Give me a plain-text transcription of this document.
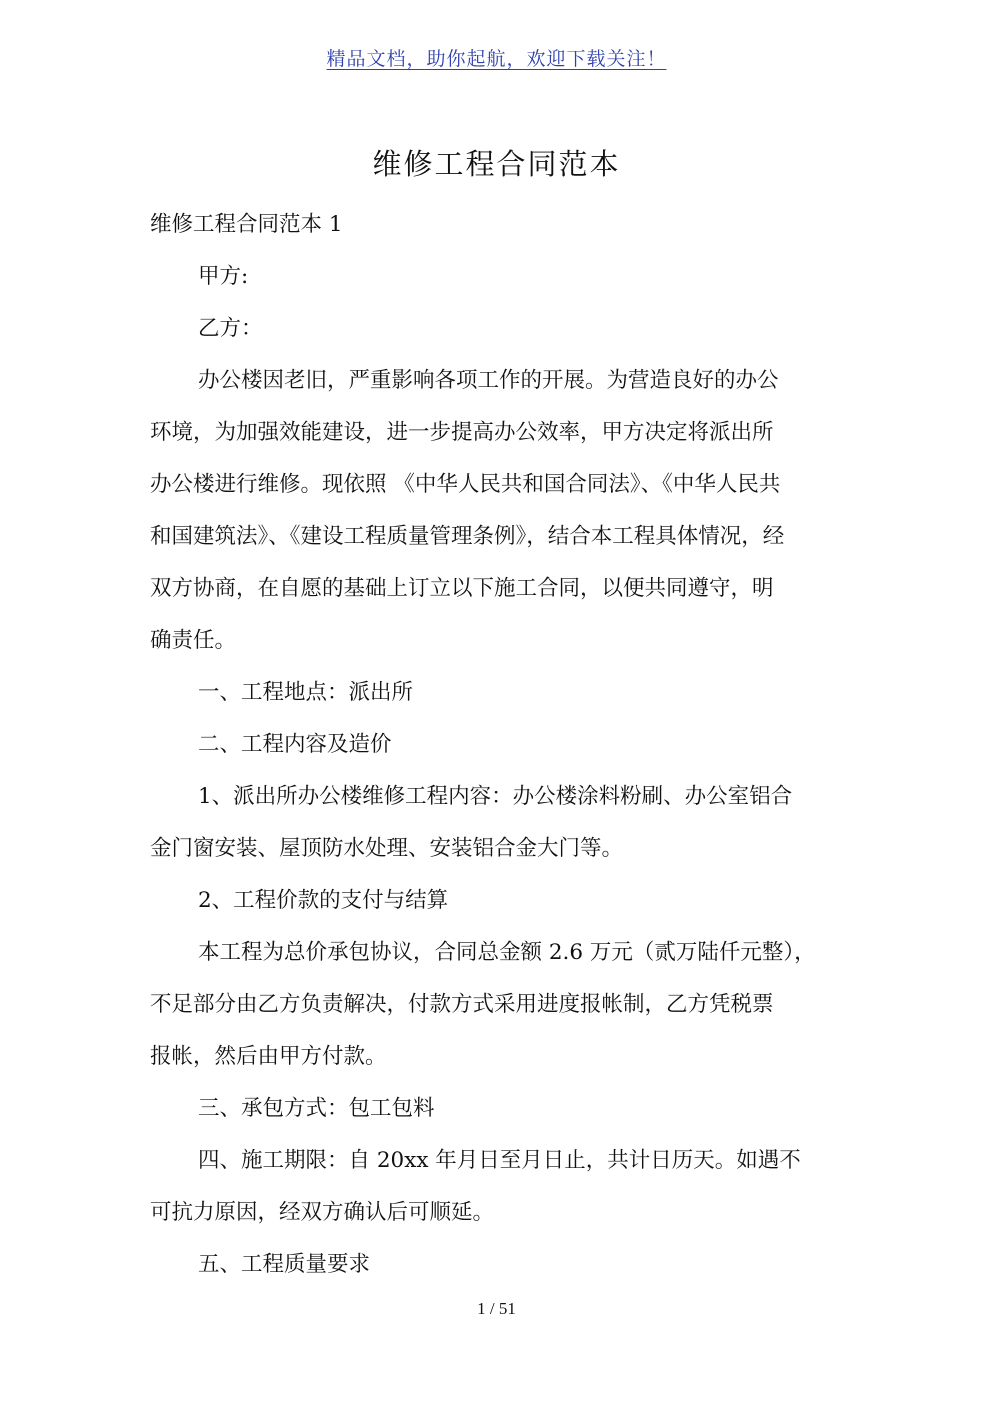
精品文档，助你起航，欢迎下载关注！
维修工程合同范本
维修工程合同范本 1
甲方:
乙方：
办公楼因老旧，严重影响各项工作的开展。为营造良好的办公
环境，为加强效能建设，进一步提高办公效率，甲方决定将派出所
办公楼进行维修。现依照 《中华人民共和国合同法》、《中华人民共
和国建筑法》、《建设工程质量管理条例》，结合本工程具体情况，经
双方协商，在自愿的基础上订立以下施工合同，以便共同遵守，明
确责任。
一、工程地点：派出所
二、工程内容及造价
1、派出所办公楼维修工程内容：办公楼涂料粉刷、办公室铝合
金门窗安装、屋顶防水处理、安装铝合金大门等。
2、工程价款的支付与结算
本工程为总价承包协议，合同总金额 2.6 万元（贰万陆仟元整），
不足部分由乙方负责解决，付款方式采用进度报帐制，乙方凭税票
报帐，然后由甲方付款。
三、承包方式：包工包料
四、施工期限：自 20xx 年月日至月日止，共计日历天。如遇不
可抗力原因，经双方确认后可顺延。
五、工程质量要求
1 / 51
